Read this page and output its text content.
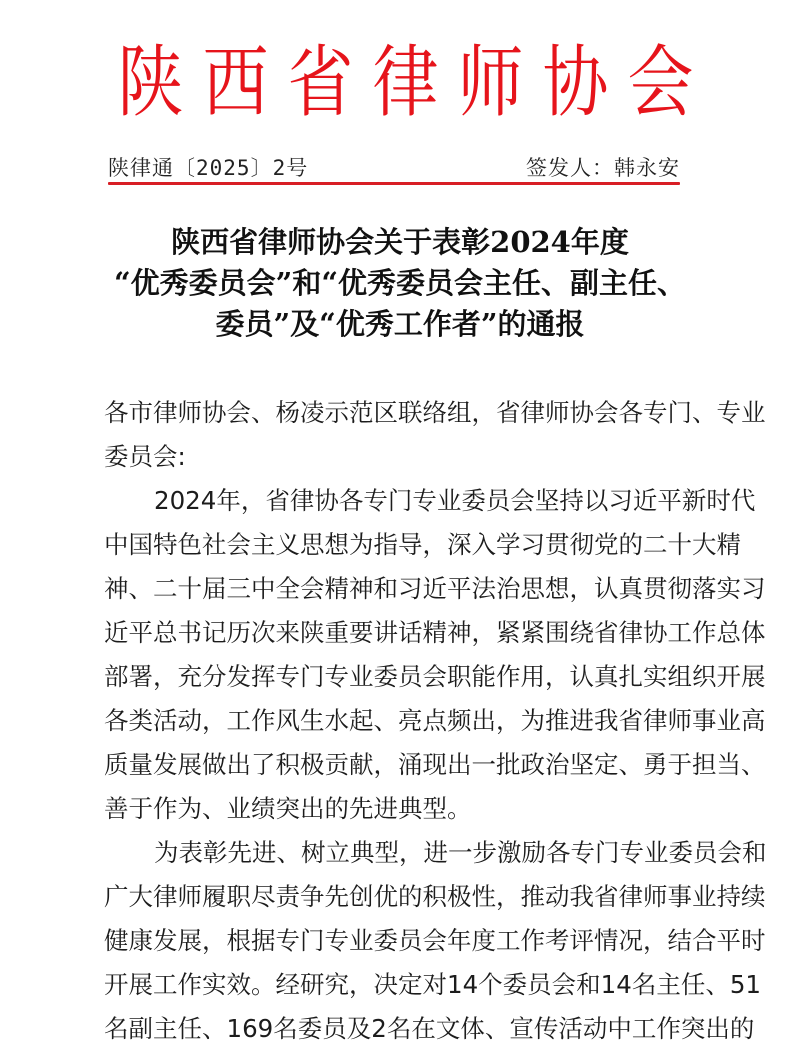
陕西省律师协会
陕律通〔2025〕2号	签发人：韩永安
陕西省律师协会关于表彰2024年度
“优秀委员会”和“优秀委员会主任、副主任、
委员”及“优秀工作者”的通报
各市律师协会、杨凌示范区联络组，省律师协会各专门、专业
委员会:
2024年，省律协各专门专业委员会坚持以习近平新时代
中国特色社会主义思想为指导，深入学习贯彻党的二十大精
神、二十届三中全会精神和习近平法治思想，认真贯彻落实习
近平总书记历次来陕重要讲话精神，紧紧围绕省律协工作总体
部署，充分发挥专门专业委员会职能作用，认真扎实组织开展
各类活动，工作风生水起、亮点频出，为推进我省律师事业高
质量发展做出了积极贡献，涌现出一批政治坚定、勇于担当、
善于作为、业绩突出的先进典型。
为表彰先进、树立典型，进一步激励各专门专业委员会和
广大律师履职尽责争先创优的积极性，推动我省律师事业持续
健康发展，根据专门专业委员会年度工作考评情况，结合平时
开展工作实效。经研究，决定对14个委员会和14名主任、51
名副主任、169名委员及2名在文体、宣传活动中工作突出的
